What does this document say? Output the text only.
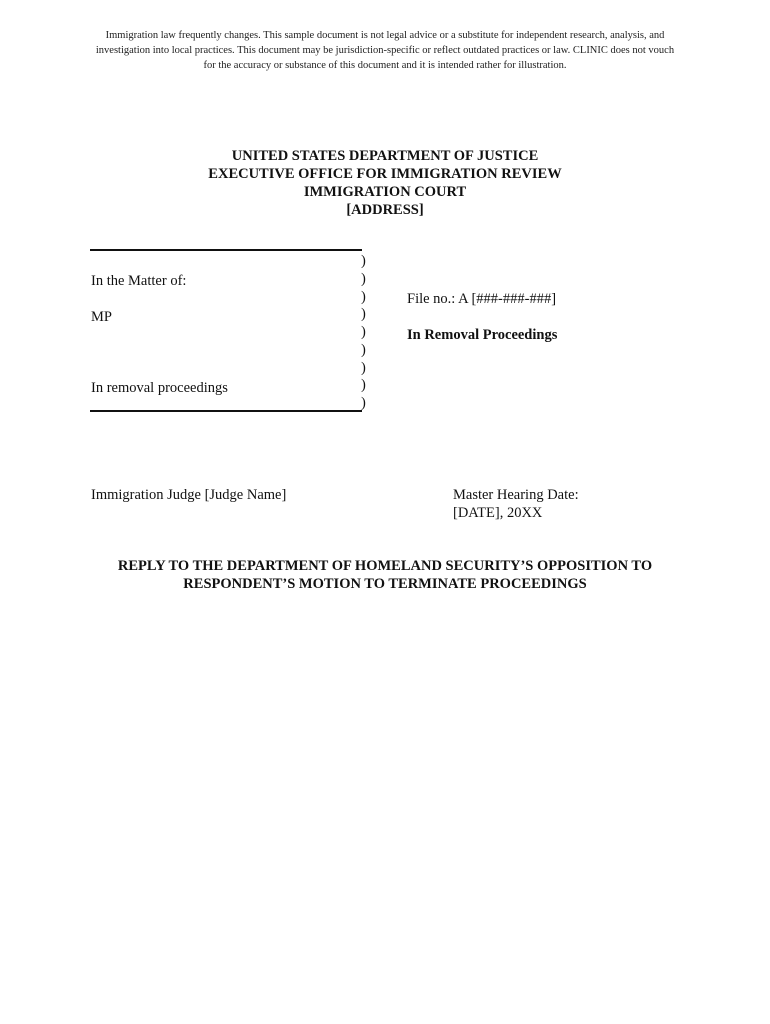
Immigration law frequently changes. This sample document is not legal advice or a substitute for independent research, analysis, and investigation into local practices. This document may be jurisdiction-specific or reflect outdated practices or law. CLINIC does not vouch for the accuracy or substance of this document and it is intended rather for illustration.
UNITED STATES DEPARTMENT OF JUSTICE
EXECUTIVE OFFICE FOR IMMIGRATION REVIEW
IMMIGRATION COURT
[ADDRESS]
In the Matter of:
MP
In removal proceedings
)
)
)
)
)
)
)
)
)
File no.: A [###-###-###]
In Removal Proceedings
Immigration Judge [Judge Name]	Master Hearing Date:
[DATE], 20XX
REPLY TO THE DEPARTMENT OF HOMELAND SECURITY’S OPPOSITION TO
RESPONDENT’S MOTION TO TERMINATE PROCEEDINGS
